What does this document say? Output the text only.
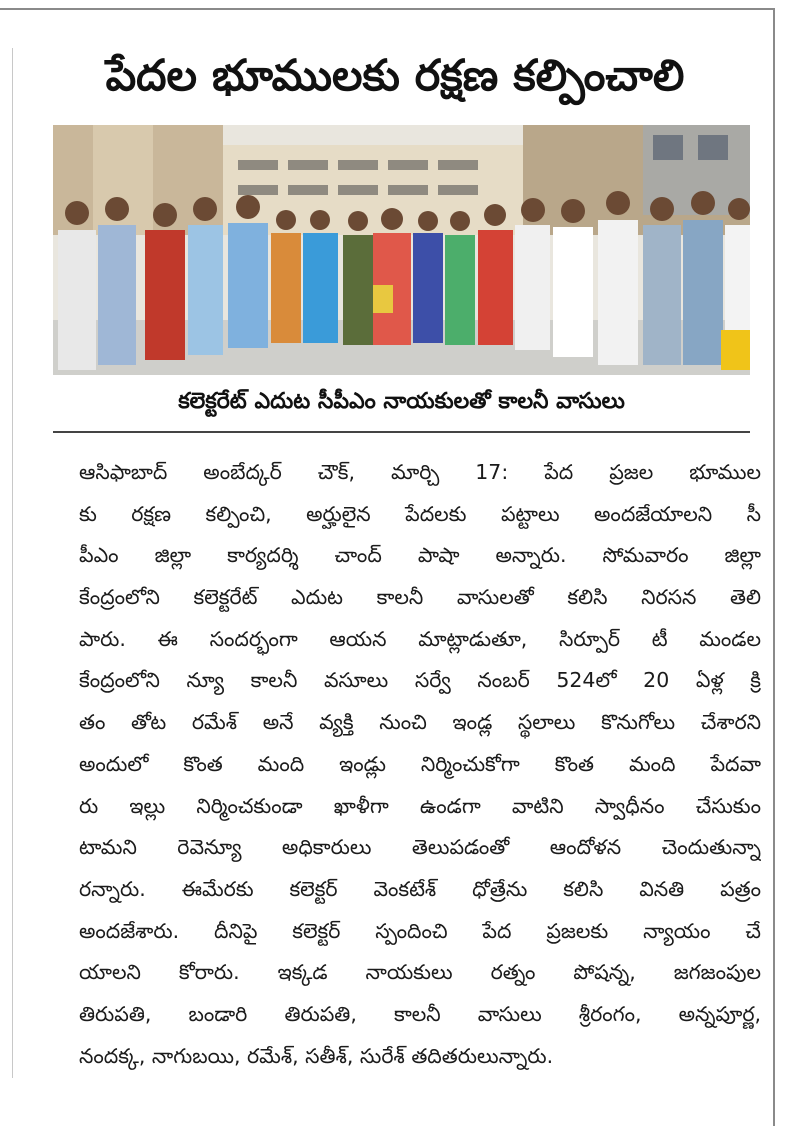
పేదల భూములకు రక్షణ కల్పించాలి
కలెక్టరేట్ ఎదుట సీపీఎం నాయకులతో కాలనీ వాసులు
ఆసిఫాబాద్ అంబేద్కర్ చౌక్, మార్చి 17: పేద ప్రజల భూముల
కు రక్షణ కల్పించి, అర్హులైన పేదలకు పట్టాలు అందజేయాలని సీ
పీఎం జిల్లా కార్యదర్శి చాంద్ పాషా అన్నారు. సోమవారం జిల్లా
కేంద్రంలోని కలెక్టరేట్ ఎదుట కాలనీ వాసులతో కలిసి నిరసన తెలి
పారు. ఈ సందర్భంగా ఆయన మాట్లాడుతూ, సిర్పూర్ టీ మండల
కేంద్రంలోని న్యూ కాలనీ వసూలు సర్వే నంబర్ 524లో 20 ఏళ్ల క్రి
తం తోట రమేశ్ అనే వ్యక్తి నుంచి ఇండ్ల స్థలాలు కొనుగోలు చేశారని
అందులో కొంత మంది ఇండ్లు నిర్మించుకోగా కొంత మంది పేదవా
రు ఇల్లు నిర్మించకుండా ఖాళీగా ఉండగా వాటిని స్వాధీనం చేసుకుం
టామని రెవెన్యూ అధికారులు తెలుపడంతో ఆందోళన చెందుతున్నా
రన్నారు. ఈమేరకు కలెక్టర్ వెంకటేశ్ ధోత్రేను కలిసి వినతి పత్రం
అందజేశారు. దీనిపై కలెక్టర్ స్పందించి పేద ప్రజలకు న్యాయం చే
యాలని కోరారు. ఇక్కడ నాయకులు రత్నం పోషన్న, జగజంపుల
తిరుపతి, బండారి తిరుపతి, కాలనీ వాసులు శ్రీరంగం, అన్నపూర్ణ,
నందక్క, నాగుబయి, రమేశ్, సతీశ్, సురేశ్ తదితరులున్నారు.
